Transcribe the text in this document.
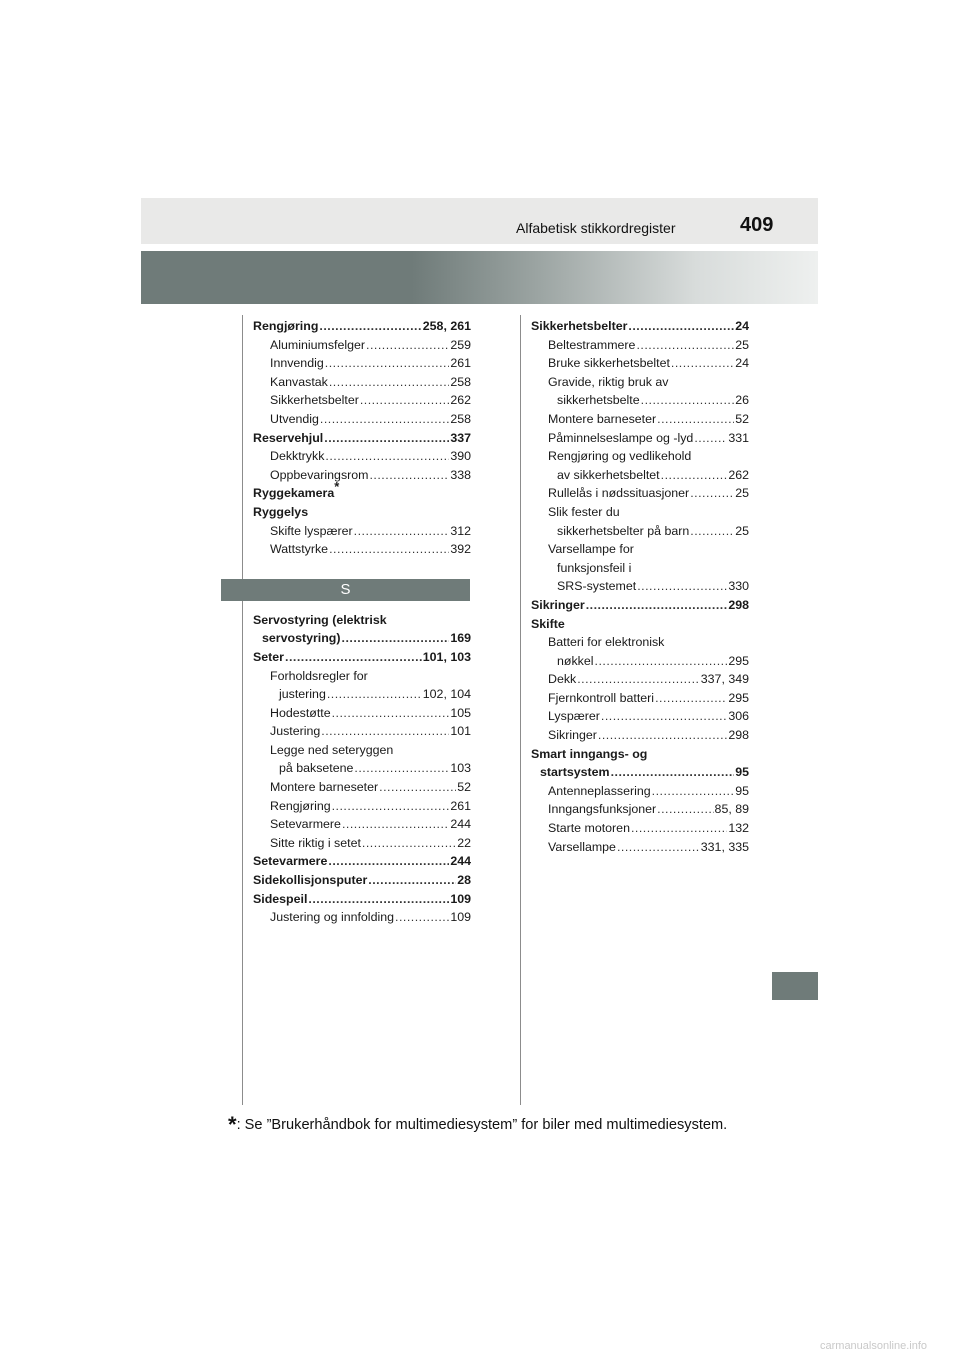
Alfabetisk stikkordregister	409
Rengjøring .....	258, 261
Aluminiumsfelger .....	259
Innvendig .....	261
Kanvastak .....	258
Sikkerhetsbelter .....	262
Utvendig .....	258
Reservehjul .....	337
Dekktrykk .....	390
Oppbevaringsrom .....	338
Ryggekamera*
Ryggelys
Skifte lyspærer .....	312
Wattstyrke .....	392
S
Servostyring (elektrisk
servostyring) .....	169
Seter .....	101, 103
Forholdsregler for
justering .....	102, 104
Hodestøtte .....	105
Justering .....	101
Legge ned seteryggen
på baksetene .....	103
Montere barneseter .....	52
Rengjøring .....	261
Setevarmere .....	244
Sitte riktig i setet .....	22
Setevarmere .....	244
Sidekollisjonsputer .....	28
Sidespeil .....	109
Justering og innfolding .....	109
Sikkerhetsbelter .....	24
Beltestrammere .....	25
Bruke sikkerhetsbeltet .....	24
Gravide, riktig bruk av
sikkerhetsbelte .....	26
Montere barneseter .....	52
Påminnelseslampe og -lyd .....	331
Rengjøring og vedlikehold
av sikkerhetsbeltet .....	262
Rullelås i nødssituasjoner .....	25
Slik fester du
sikkerhetsbelter på barn .....	25
Varsellampe for
funksjonsfeil i
SRS-systemet .....	330
Sikringer .....	298
Skifte
Batteri for elektronisk
nøkkel .....	295
Dekk .....	337, 349
Fjernkontroll batteri .....	295
Lyspærer .....	306
Sikringer .....	298
Smart inngangs- og
startsystem .....	95
Antenneplassering .....	95
Inngangsfunksjoner .....	85, 89
Starte motoren .....	132
Varsellampe .....	331, 335
*: Se ”Brukerhåndbok for multimediesystem” for biler med multimediesystem.
carmanualsonline.info
